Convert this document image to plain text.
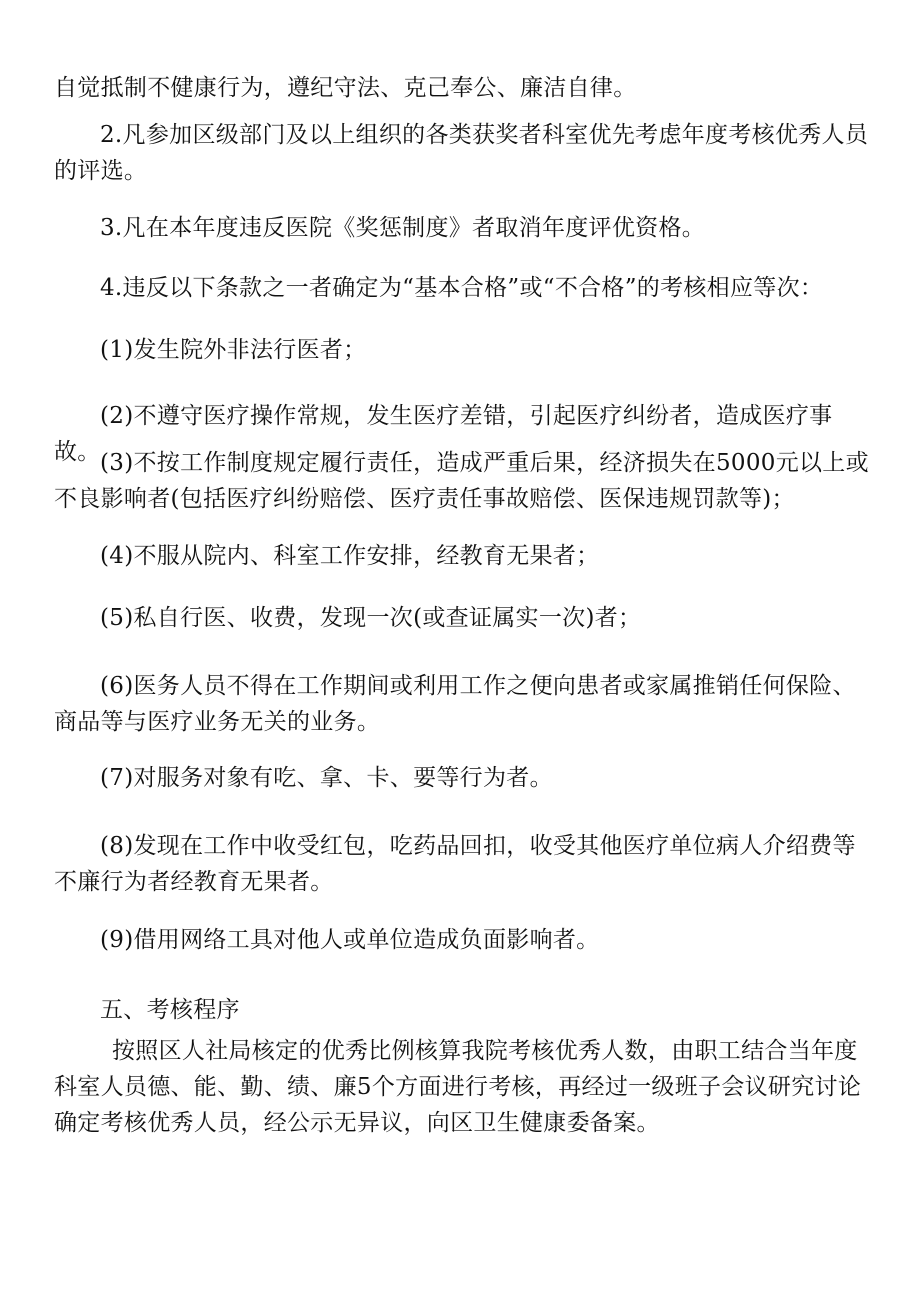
自觉抵制不健康行为，遵纪守法、克己奉公、廉洁自律。

2.凡参加区级部门及以上组织的各类获奖者科室优先考虑年度考核优秀人员的评选。

3.凡在本年度违反医院《奖惩制度》者取消年度评优资格。

4.违反以下条款之一者确定为“基本合格”或“不合格”的考核相应等次：

(1)发生院外非法行医者；

(2)不遵守医疗操作常规，发生医疗差错，引起医疗纠纷者，造成医疗事故。 (3)不按工作制度规定履行责任，造成严重后果，经济损失在5000元以上或不良影响者(包括医疗纠纷赔偿、医疗责任事故赔偿、医保违规罚款等)；

(4)不服从院内、科室工作安排，经教育无果者；

(5)私自行医、收费，发现一次(或查证属实一次)者；

(6)医务人员不得在工作期间或利用工作之便向患者或家属推销任何保险、商品等与医疗业务无关的业务。

(7)对服务对象有吃、拿、卡、要等行为者。

(8)发现在工作中收受红包，吃药品回扣，收受其他医疗单位病人介绍费等不廉行为者经教育无果者。

(9)借用网络工具对他人或单位造成负面影响者。

五、考核程序

按照区人社局核定的优秀比例核算我院考核优秀人数，由职工结合当年度科室人员德、能、勤、绩、廉5个方面进行考核，再经过一级班子会议研究讨论确定考核优秀人员，经公示无异议，向区卫生健康委备案。
